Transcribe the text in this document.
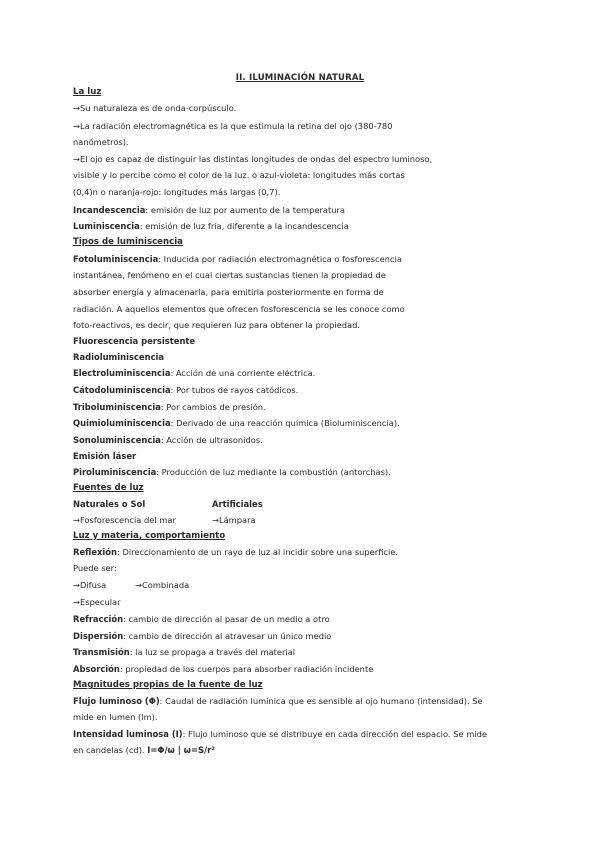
II. ILUMINACIÓN NATURAL
La luz
→Su naturaleza es de onda-corpúsculo.
→La radiación electromagnética es la que estimula la retina del ojo (380-780
nanómetros).
→El ojo es capaz de distinguir las distintas longitudes de ondas del espectro luminoso,
visible y lo percibe como el color de la luz. o azul-violeta: longitudes más cortas
(0,4)n o naranja-rojo: longitudes más largas (0,7).
Incandescencia: emisión de luz por aumento de la temperatura
Luminiscencia: emisión de luz fría, diferente a la incandescencia
Tipos de luminiscencia
Fotoluminiscencia: Inducida por radiación electromagnética o fosforescencia
instantánea, fenómeno en el cual ciertas sustancias tienen la propiedad de
absorber energía y almacenarla, para emitirla posteriormente en forma de
radiación. A aquellos elementos que ofrecen fosforescencia se les conoce como
foto-reactivos, es decir, que requieren luz para obtener la propiedad.
Fluorescencia persistente
Radioluminiscencia
Electroluminiscencia: Acción de una corriente eléctrica.
Cátodoluminiscencia: Por tubos de rayos catódicos.
Triboluminiscencia: Por cambios de presión.
Quimioluminiscencia: Derivado de una reacción química (Bioluminiscencia).
Sonoluminiscencia: Acción de ultrasonidos.
Emisión láser
Piroluminiscencia: Producción de luz mediante la combustión (antorchas).
Fuentes de luz
Naturales o Sol	Artificiales
→Fosforescencia del mar	→Lámpara
Luz y materia, comportamiento
Reflexión: Direccionamiento de un rayo de luz al incidir sobre una superficie.
Puede ser:
→Difusa	→Combinada
→Especular
Refracción: cambio de dirección al pasar de un medio a otro
Dispersión: cambio de dirección al atravesar un único medio
Transmisión: la luz se propaga a través del material
Absorción: propiedad de los cuerpos para absorber radiación incidente
Magnitudes propias de la fuente de luz
Flujo luminoso (Φ): Caudal de radiación lumínica que es sensible al ojo humano (intensidad). Se
mide en lumen (lm).
Intensidad luminosa (I): Flujo luminoso que se distribuye en cada dirección del espacio. Se mide
en candelas (cd). I=Φ/ω | ω=S/r²
